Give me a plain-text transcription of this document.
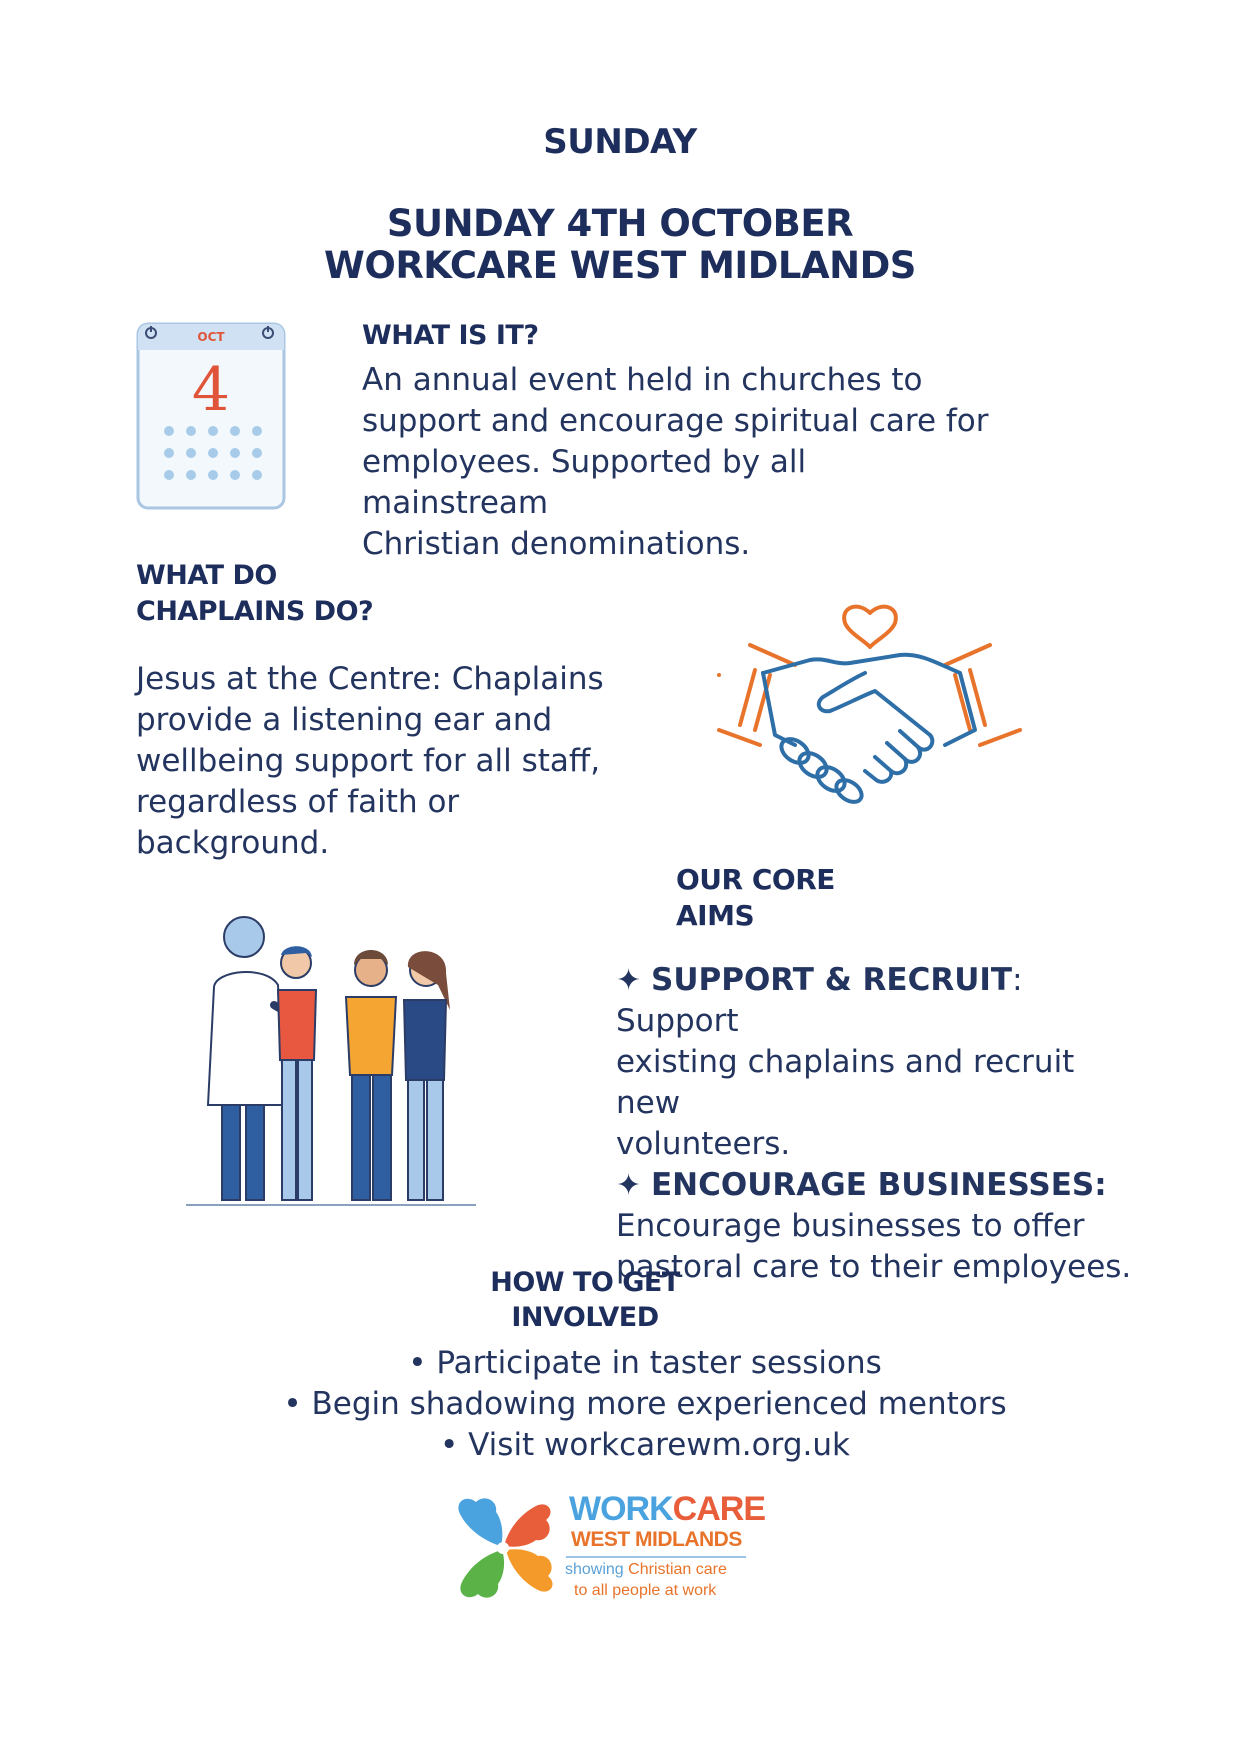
SUNDAY
SUNDAY 4TH OCTOBER
WORKCARE WEST MIDLANDS
OCT
4
WHAT IS IT?
An annual event held in churches to
support and encourage spiritual care for
employees. Supported by all mainstream
Christian denominations.
WHAT DO
CHAPLAINS DO?
Jesus at the Centre: Chaplains
provide a listening ear and
wellbeing support for all staff,
regardless of faith or
background.
OUR CORE
AIMS
✦ SUPPORT & RECRUIT: Support
existing chaplains and recruit new
volunteers.
✦ ENCOURAGE BUSINESSES:
Encourage businesses to offer
pastoral care to their employees.
HOW TO GET
INVOLVED
• Participate in taster sessions
• Begin shadowing more experienced mentors
• Visit workcarewm.org.uk
WORKCARE
WEST MIDLANDS
showing Christian care
to all people at work
